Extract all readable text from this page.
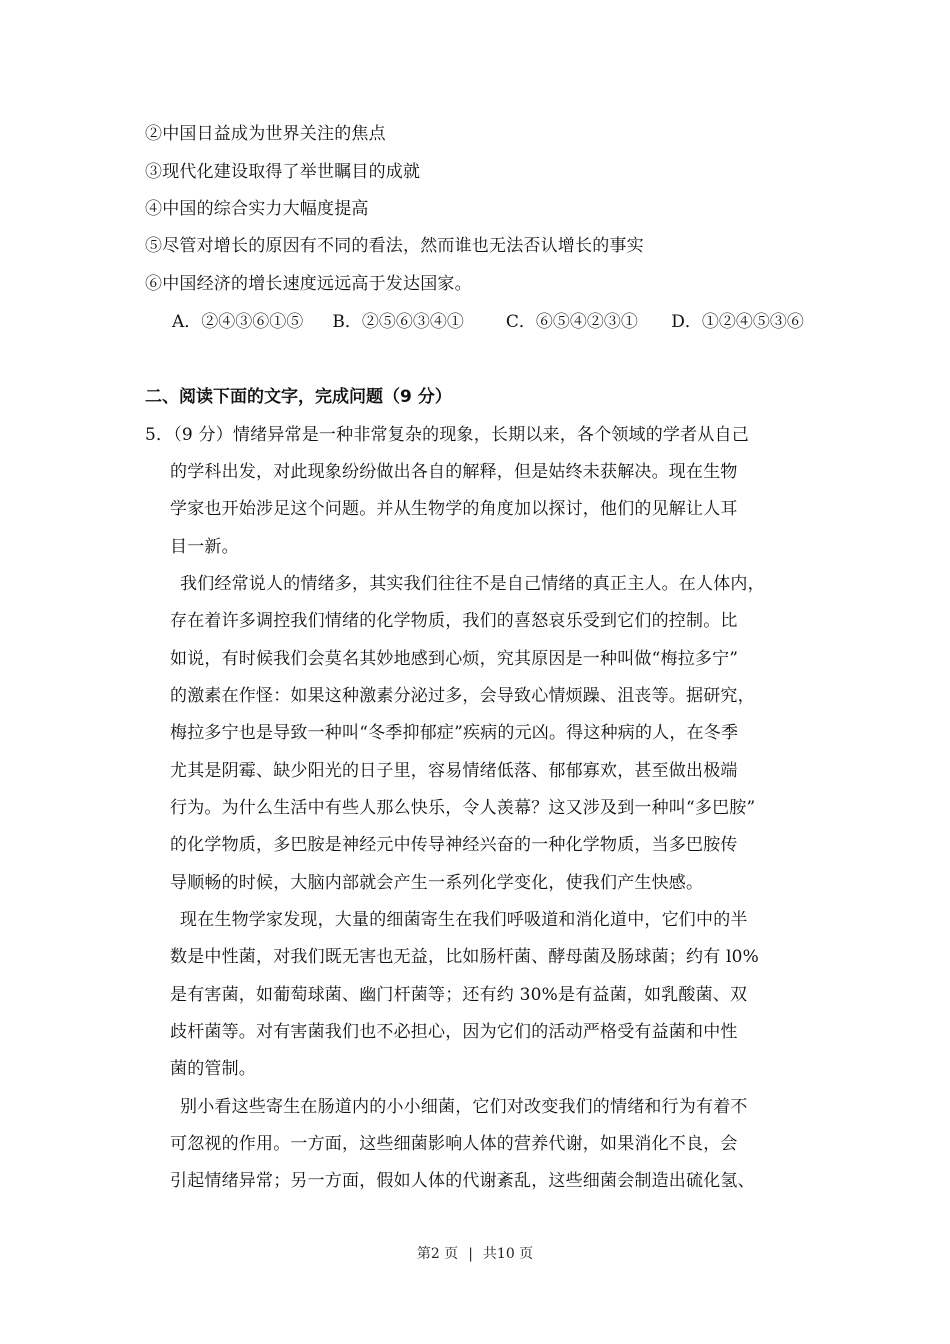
②中国日益成为世界关注的焦点
③现代化建设取得了举世瞩目的成就
④中国的综合实力大幅度提高
⑤尽管对增长的原因有不同的看法，然而谁也无法否认增长的事实
⑥中国经济的增长速度远远高于发达国家。
A．②④③⑥①⑤ B．②⑤⑥③④① C．⑥⑤④②③① D．①②④⑤③⑥
二、阅读下面的文字，完成问题（9 分）
5．（9 分）情绪异常是一种非常复杂的现象，长期以来，各个领域的学者从自己
的学科出发，对此现象纷纷做出各自的解释，但是姑终未获解决。现在生物
学家也开始涉足这个问题。并从生物学的角度加以探讨，他们的见解让人耳
目一新。
我们经常说人的情绪多，其实我们往往不是自己情绪的真正主人。在人体内，
存在着许多调控我们情绪的化学物质，我们的喜怒哀乐受到它们的控制。比
如说，有时候我们会莫名其妙地感到心烦，究其原因是一种叫做“梅拉多宁”
的激素在作怪：如果这种激素分泌过多，会导致心情烦躁、沮丧等。据研究，
梅拉多宁也是导致一种叫“冬季抑郁症”疾病的元凶。得这种病的人，在冬季
尤其是阴霉、缺少阳光的日子里，容易情绪低落、郁郁寡欢，甚至做出极端
行为。为什么生活中有些人那么快乐，令人羡幕？这又涉及到一种叫“多巴胺”
的化学物质，多巴胺是神经元中传导神经兴奋的一种化学物质，当多巴胺传
导顺畅的时候，大脑内部就会产生一系列化学变化，使我们产生快感。
现在生物学家发现，大量的细菌寄生在我们呼吸道和消化道中，它们中的半
数是中性菌，对我们既无害也无益，比如肠杆菌、酵母菌及肠球菌；约有 l0%
是有害菌，如葡萄球菌、幽门杆菌等；还有约 30%是有益菌，如乳酸菌、双
歧杆菌等。对有害菌我们也不必担心，因为它们的活动严格受有益菌和中性
菌的管制。
别小看这些寄生在肠道内的小小细菌，它们对改变我们的情绪和行为有着不
可忽视的作用。一方面，这些细菌影响人体的营养代谢，如果消化不良，会
引起情绪异常；另一方面，假如人体的代谢紊乱，这些细菌会制造出硫化氢、
第2 页 | 共10 页
